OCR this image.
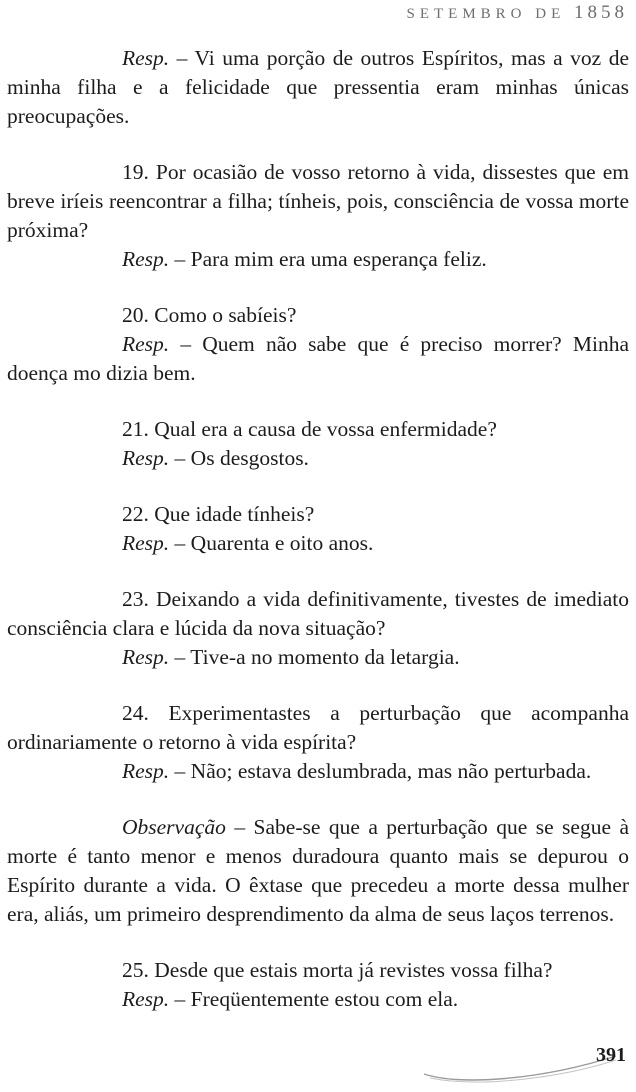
SETEMBRO DE 1858

Resp. – Vi uma porção de outros Espíritos, mas a voz de minha filha e a felicidade que pressentia eram minhas únicas preocupações.

19. Por ocasião de vosso retorno à vida, dissestes que em breve iríeis reencontrar a filha; tínheis, pois, consciência de vossa morte próxima?

Resp. – Para mim era uma esperança feliz.

20. Como o sabíeis?

Resp. – Quem não sabe que é preciso morrer? Minha doença mo dizia bem.

21. Qual era a causa de vossa enfermidade?

Resp. – Os desgostos.

22. Que idade tínheis?

Resp. – Quarenta e oito anos.

23. Deixando a vida definitivamente, tivestes de imediato consciência clara e lúcida da nova situação?

Resp. – Tive-a no momento da letargia.

24. Experimentastes a perturbação que acompanha ordinariamente o retorno à vida espírita?

Resp. – Não; estava deslumbrada, mas não perturbada.

Observação – Sabe-se que a perturbação que se segue à morte é tanto menor e menos duradoura quanto mais se depurou o Espírito durante a vida. O êxtase que precedeu a morte dessa mulher era, aliás, um primeiro desprendimento da alma de seus laços terrenos.

25. Desde que estais morta já revistes vossa filha?

Resp. – Freqüentemente estou com ela.

391
